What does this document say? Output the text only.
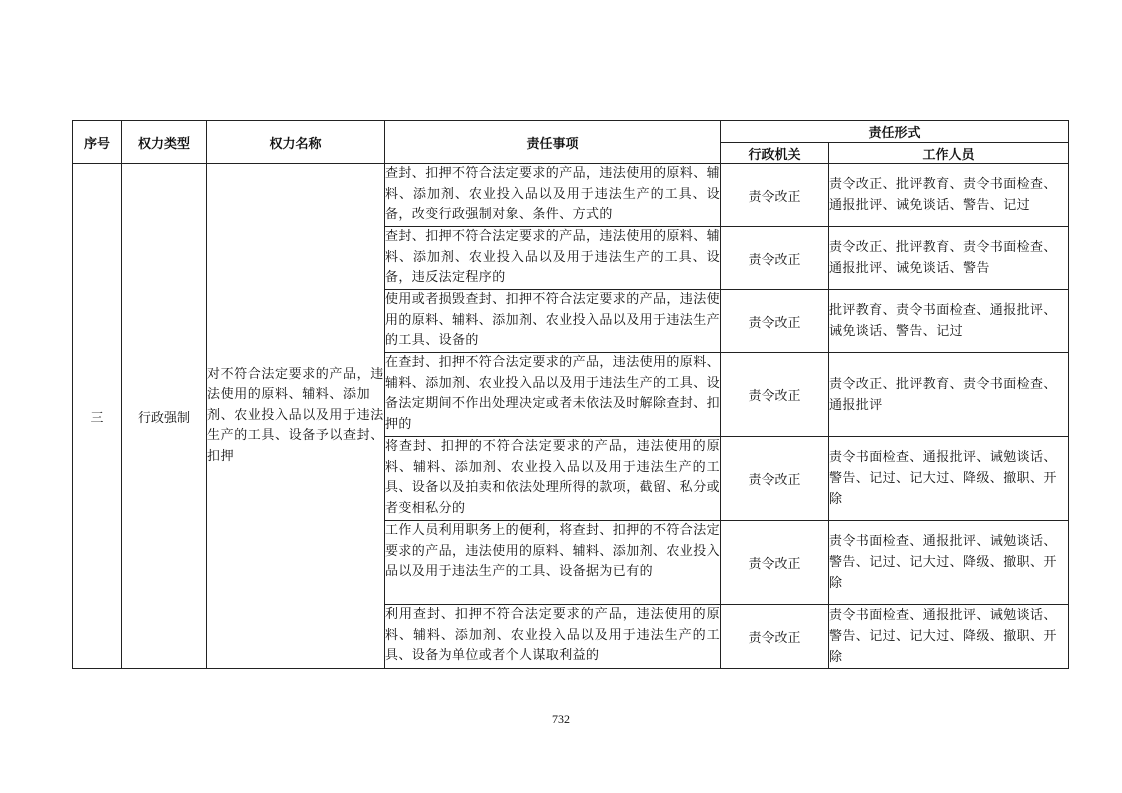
序号	权力类型	权力名称	责任事项	责任形式	
				行政机关	工作人员
三	行政强制	对不符合法定要求的产品，违法使用的原料、辅料、添加剂、农业投入品以及用于违法生产的工具、设备予以查封、扣押	查封、扣押不符合法定要求的产品，违法使用的原料、辅料、添加剂、农业投入品以及用于违法生产的工具、设备，改变行政强制对象、条件、方式的	责令改正	责令改正、批评教育、责令书面检查、通报批评、诫免谈话、警告、记过
			查封、扣押不符合法定要求的产品，违法使用的原料、辅料、添加剂、农业投入品以及用于违法生产的工具、设备，违反法定程序的	责令改正	责令改正、批评教育、责令书面检查、通报批评、诫免谈话、警告
			使用或者损毁查封、扣押不符合法定要求的产品，违法使用的原料、辅料、添加剂、农业投入品以及用于违法生产的工具、设备的	责令改正	批评教育、责令书面检查、通报批评、诫免谈话、警告、记过
			在查封、扣押不符合法定要求的产品，违法使用的原料、辅料、添加剂、农业投入品以及用于违法生产的工具、设备法定期间不作出处理决定或者未依法及时解除查封、扣押的	责令改正	责令改正、批评教育、责令书面检查、通报批评
			将查封、扣押的不符合法定要求的产品，违法使用的原料、辅料、添加剂、农业投入品以及用于违法生产的工具、设备以及拍卖和依法处理所得的款项，截留、私分或者变相私分的	责令改正	责令书面检查、通报批评、诫勉谈话、警告、记过、记大过、降级、撤职、开除
			工作人员利用职务上的便利，将查封、扣押的不符合法定要求的产品，违法使用的原料、辅料、添加剂、农业投入品以及用于违法生产的工具、设备据为已有的	责令改正	责令书面检查、通报批评、诫勉谈话、警告、记过、记大过、降级、撤职、开除
			利用查封、扣押不符合法定要求的产品，违法使用的原料、辅料、添加剂、农业投入品以及用于违法生产的工具、设备为单位或者个人谋取利益的	责令改正	责令书面检查、通报批评、诫勉谈话、警告、记过、记大过、降级、撤职、开除
732
